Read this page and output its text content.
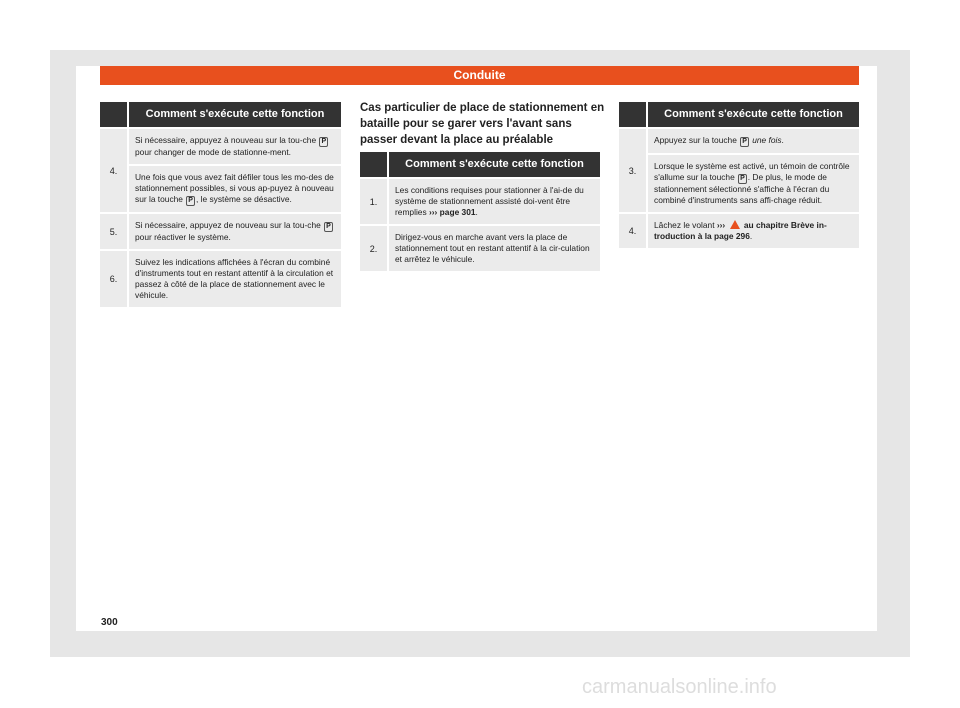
Conduite
Comment s'exécute cette fonction
4.
Si nécessaire, appuyez à nouveau sur la tou-che P pour changer de mode de stationne-ment.
Une fois que vous avez fait défiler tous les mo-des de stationnement possibles, si vous ap-puyez à nouveau sur la touche P , le système se désactive.
5.
Si nécessaire, appuyez de nouveau sur la tou-che P pour réactiver le système.
6.
Suivez les indications affichées à l'écran du combiné d'instruments tout en restant attentif à la circulation et passez à côté de la place de stationnement avec le véhicule.
Cas particulier de place de stationnement en bataille pour se garer vers l'avant sans passer devant la place au préalable
Comment s'exécute cette fonction
1.
Les conditions requises pour stationner à l'ai-de du système de stationnement assisté doi-vent être remplies ››› page 301.
2.
Dirigez-vous en marche avant vers la place de stationnement tout en restant attentif à la cir-culation et arrêtez le véhicule.
Comment s'exécute cette fonction
3.
Appuyez sur la touche P une fois.
Lorsque le système est activé, un témoin de contrôle s'allume sur la touche P . De plus, le mode de stationnement sélectionné s'affiche à l'écran du combiné d'instruments sans affi-chage réduit.
4.
Lâchez le volant ››› au chapitre Brève in-troduction à la page 296.
300
carmanualsonline.info
